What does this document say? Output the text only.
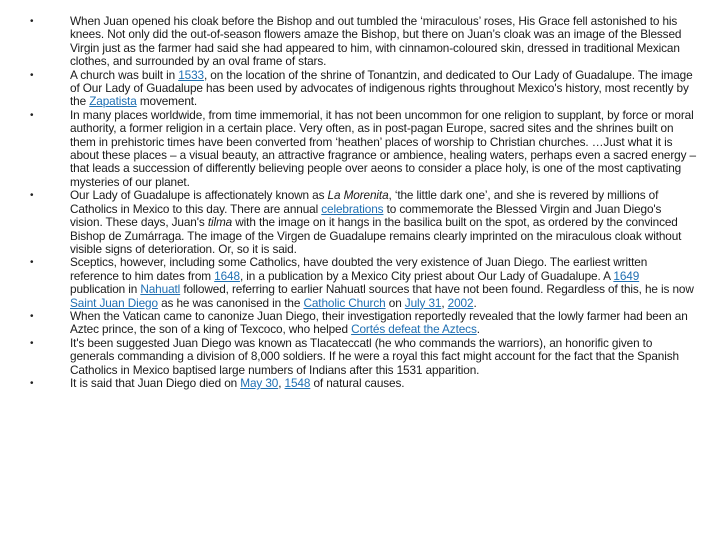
•	When Juan opened his cloak before the Bishop and out tumbled the ‘miraculous’ roses, His Grace fell astonished to his knees. Not only did the out-of-season flowers amaze the Bishop, but there on Juan’s cloak was an image of the Blessed Virgin just as the farmer had said she had appeared to him, with cinnamon-coloured skin, dressed in traditional Mexican clothes, and surrounded by an oval frame of stars.
•	A church was built in 1533, on the location of the shrine of Tonantzin, and dedicated to Our Lady of Guadalupe. The image of Our Lady of Guadalupe has been used by advocates of indigenous rights throughout Mexico's history, most recently by the Zapatista movement.
•	In many places worldwide, from time immemorial, it has not been uncommon for one religion to supplant, by force or moral authority, a former religion in a certain place. Very often, as in post-pagan Europe, sacred sites and the shrines built on them in prehistoric times have been converted from ‘heathen’ places of worship to Christian churches. …Just what it is about these places – a visual beauty, an attractive fragrance or ambience, healing waters, perhaps even a sacred energy – that leads a succession of differently believing people over aeons to consider a place holy, is one of the most captivating mysteries of our planet.
•	Our Lady of Guadalupe is affectionately known as La Morenita, ‘the little dark one’, and she is revered by millions of Catholics in Mexico to this day. There are annual celebrations to commemorate the Blessed Virgin and Juan Diego's vision. These days, Juan's tilma with the image on it hangs in the basilica built on the spot, as ordered by the convinced Bishop de Zumárraga. The image of the Virgen de Guadalupe remains clearly imprinted on the miraculous cloak without visible signs of deterioration. Or, so it is said.
•	Sceptics, however, including some Catholics, have doubted the very existence of Juan Diego. The earliest written reference to him dates from 1648, in a publication by a Mexico City priest about Our Lady of Guadalupe. A 1649 publication in Nahuatl followed, referring to earlier Nahuatl sources that have not been found. Regardless of this, he is now Saint Juan Diego as he was canonised in the Catholic Church on July 31, 2002.
•	When the Vatican came to canonize Juan Diego, their investigation reportedly revealed that the lowly farmer had been an Aztec prince, the son of a king of Texcoco, who helped Cortés defeat the Aztecs.
•	It's been suggested Juan Diego was known as Tlacateccatl (he who commands the warriors), an honorific given to generals commanding a division of 8,000 soldiers. If he were a royal this fact might account for the fact that the Spanish Catholics in Mexico baptised large numbers of Indians after this 1531 apparition.
•	It is said that Juan Diego died on May 30, 1548 of natural causes.
